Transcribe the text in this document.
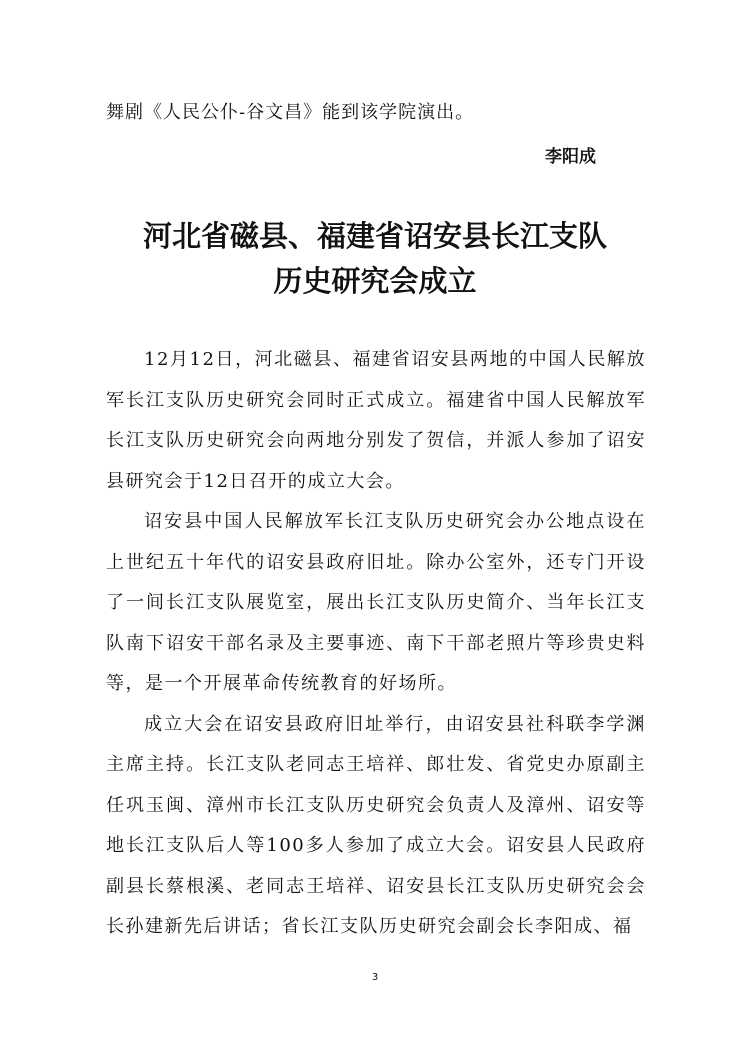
舞剧《人民公仆-谷文昌》能到该学院演出。

李阳成

河北省磁县、福建省诏安县长江支队
历史研究会成立

12月12日，河北磁县、福建省诏安县两地的中国人民解放军长江支队历史研究会同时正式成立。福建省中国人民解放军长江支队历史研究会向两地分别发了贺信，并派人参加了诏安县研究会于12日召开的成立大会。

诏安县中国人民解放军长江支队历史研究会办公地点设在上世纪五十年代的诏安县政府旧址。除办公室外，还专门开设了一间长江支队展览室，展出长江支队历史简介、当年长江支队南下诏安干部名录及主要事迹、南下干部老照片等珍贵史料等，是一个开展革命传统教育的好场所。

成立大会在诏安县政府旧址举行，由诏安县社科联李学渊主席主持。长江支队老同志王培祥、郎壮发、省党史办原副主任巩玉闽、漳州市长江支队历史研究会负责人及漳州、诏安等地长江支队后人等100多人参加了成立大会。诏安县人民政府副县长蔡根溪、老同志王培祥、诏安县长江支队历史研究会会长孙建新先后讲话；省长江支队历史研究会副会长李阳成、福

3
